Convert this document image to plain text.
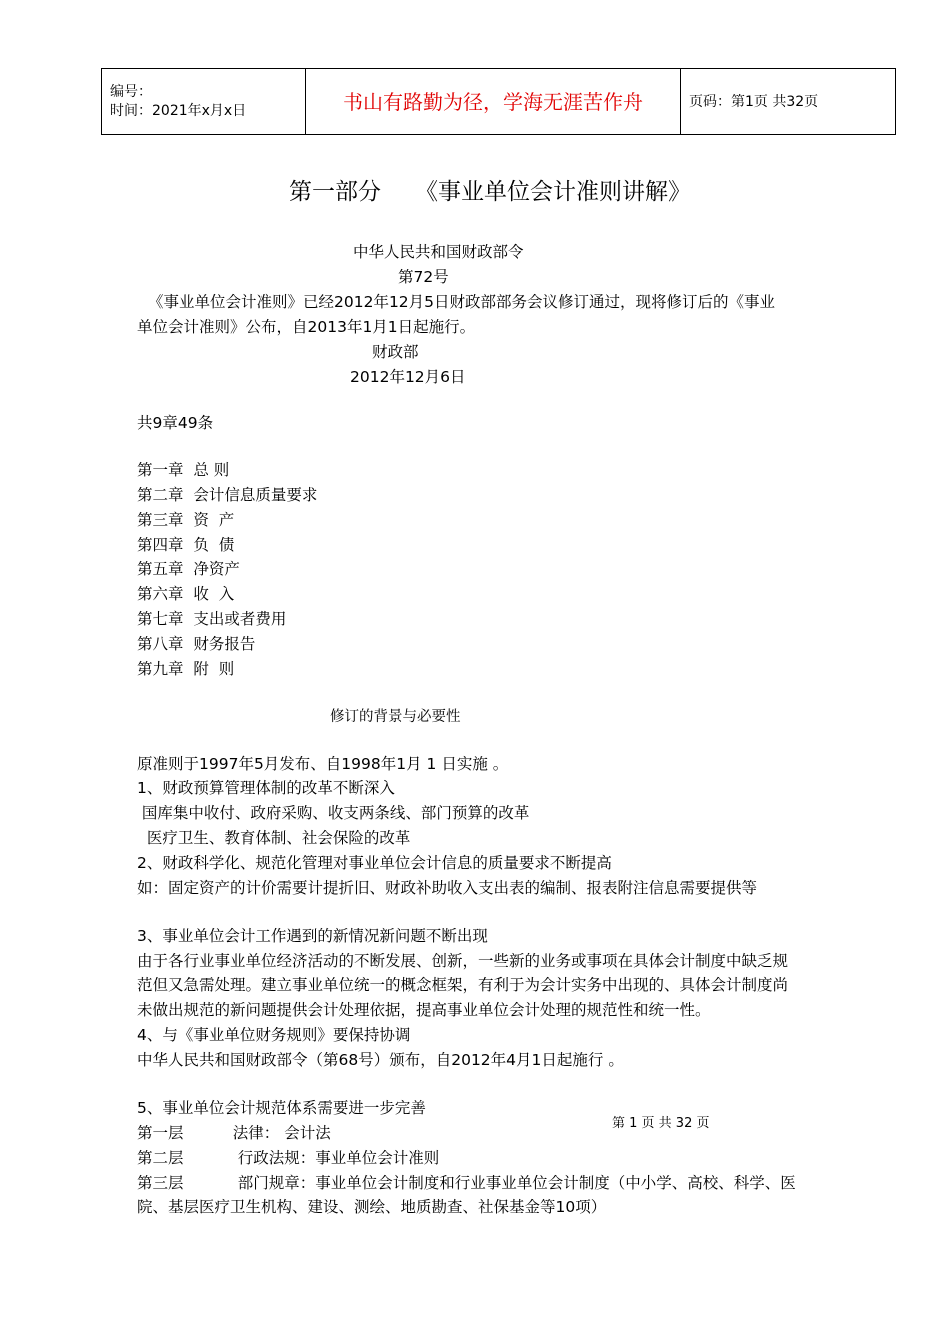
编号：
时间：2021年x月x日	书山有路勤为径，学海无涯苦作舟	页码：第1页 共32页
第一部分 《事业单位会计准则讲解》
中华人民共和国财政部令
第72号
《事业单位会计准则》已经2012年12月5日财政部部务会议修订通过，现将修订后的《事业
单位会计准则》公布，自2013年1月1日起施行。
财政部
2012年12月6日
共9章49条
第一章  总 则
第二章  会计信息质量要求
第三章  资  产
第四章  负  债
第五章  净资产
第六章  收  入
第七章  支出或者费用
第八章  财务报告
第九章  附  则
修订的背景与必要性
原准则于1997年5月发布、自1998年1月 1 日实施 。
1、财政预算管理体制的改革不断深入
国库集中收付、政府采购、收支两条线、部门预算的改革
医疗卫生、教育体制、社会保险的改革
2、财政科学化、规范化管理对事业单位会计信息的质量要求不断提高
如：固定资产的计价需要计提折旧、财政补助收入支出表的编制、报表附注信息需要提供等
3、事业单位会计工作遇到的新情况新问题不断出现
由于各行业事业单位经济活动的不断发展、创新，一些新的业务或事项在具体会计制度中缺乏规
范但又急需处理。建立事业单位统一的概念框架，有利于为会计实务中出现的、具体会计制度尚
未做出规范的新问题提供会计处理依据，提高事业单位会计处理的规范性和统一性。
4、与《事业单位财务规则》要保持协调
中华人民共和国财政部令（第68号）颁布，自2012年4月1日起施行 。
5、事业单位会计规范体系需要进一步完善
第一层          法律： 会计法
第二层           行政法规：事业单位会计准则
第三层           部门规章：事业单位会计制度和行业事业单位会计制度（中小学、高校、科学、医
院、基层医疗卫生机构、建设、测绘、地质勘查、社保基金等10项）
第 1 页 共 32 页
